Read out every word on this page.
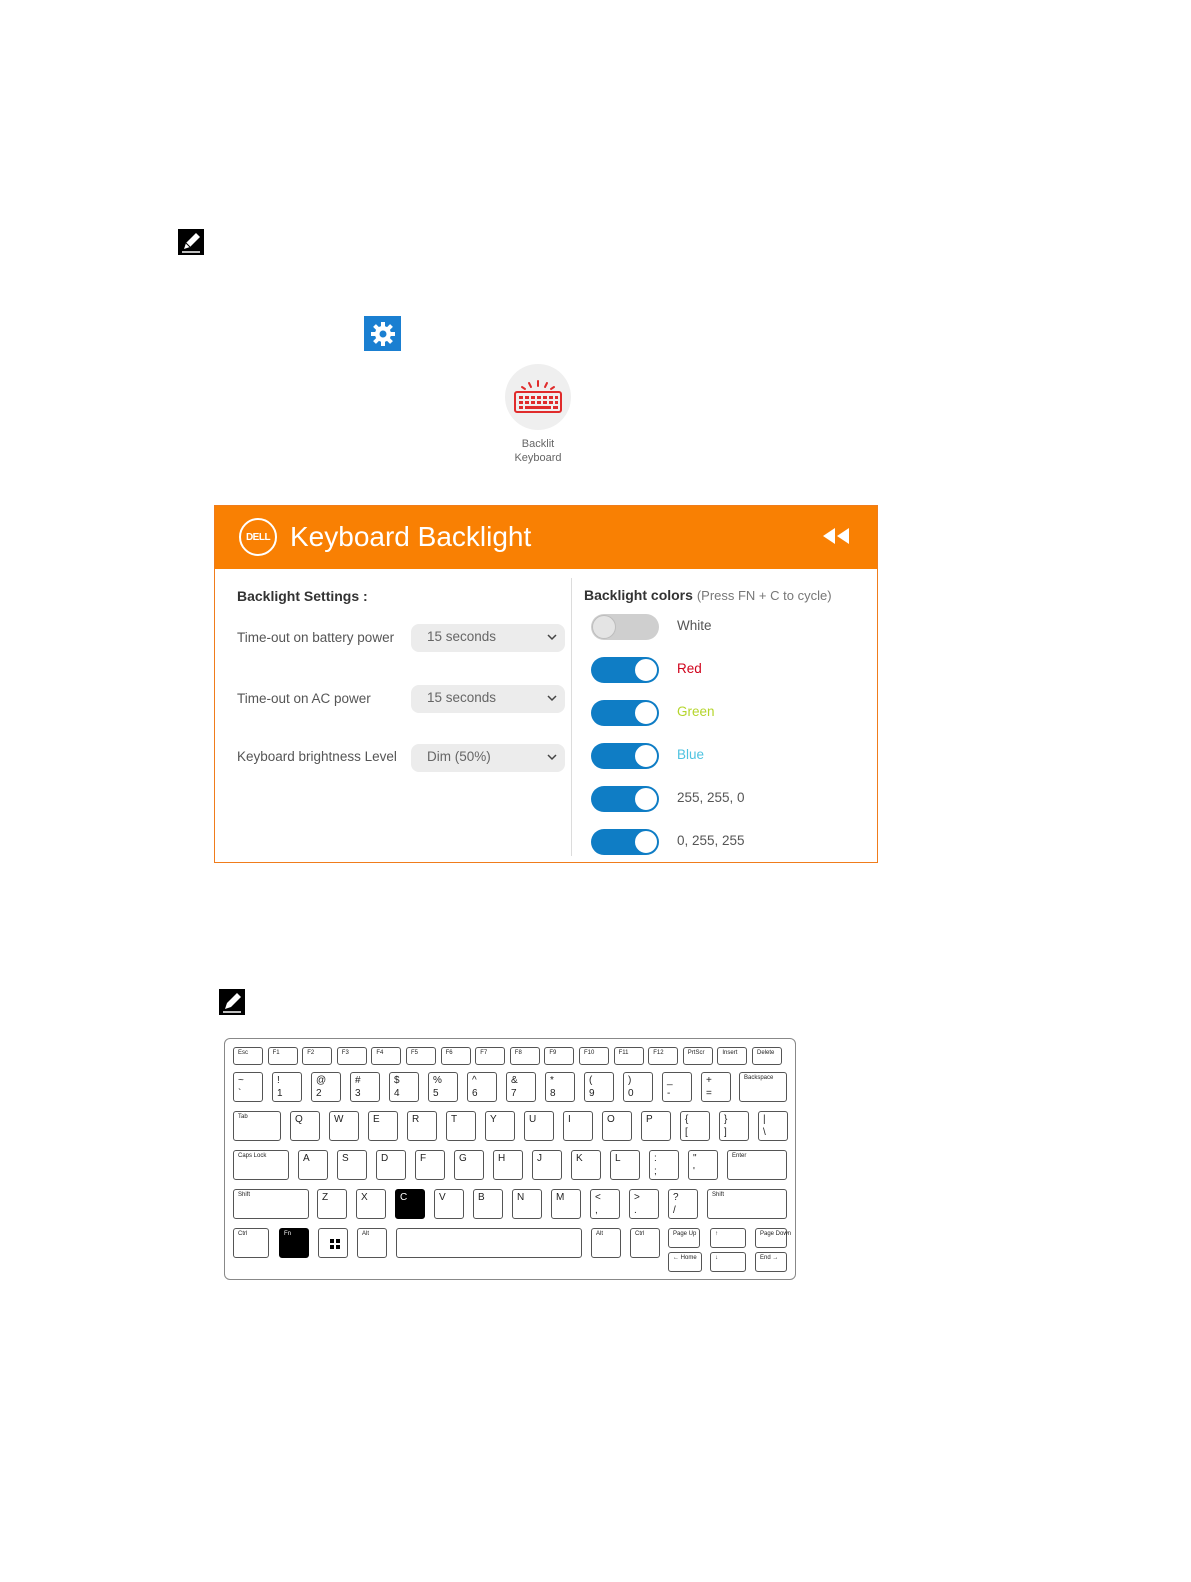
Backlit
Keyboard
DELL Keyboard Backlight
Backlight Settings :
Time-out on battery power 15 seconds
Time-out on AC power	15 seconds
Keyboard brightness Level Dim (50%)
Backlight colors (Press FN + C to cycle)
White
Red
Green
Blue
255, 255, 0
0, 255, 255
Esc	F1	F2	F3	F4	F5	F6	F7	F8	F9	F10	F11	F12	PrtScr	Insert	Delete
~
`
!
1
@
2
#
3
$
4
%
5
^
6
&
7
*
8
(
9
)
0
_
-
+
=
Backspace
Tab	Q	W	E	R	T	Y	U	I	O	P	{
[
}
]
|
\
Caps Lock	A	S	D	F	G	H	J	K	L	:
;
"
'
Enter
Shift	Z	X	C	V	B	N	M	<
,
>
.
?
/
Shift
Ctrl	Fn	Alt	Alt	Ctrl	Page Up	↑	Page Down
← Home	↓	End →
